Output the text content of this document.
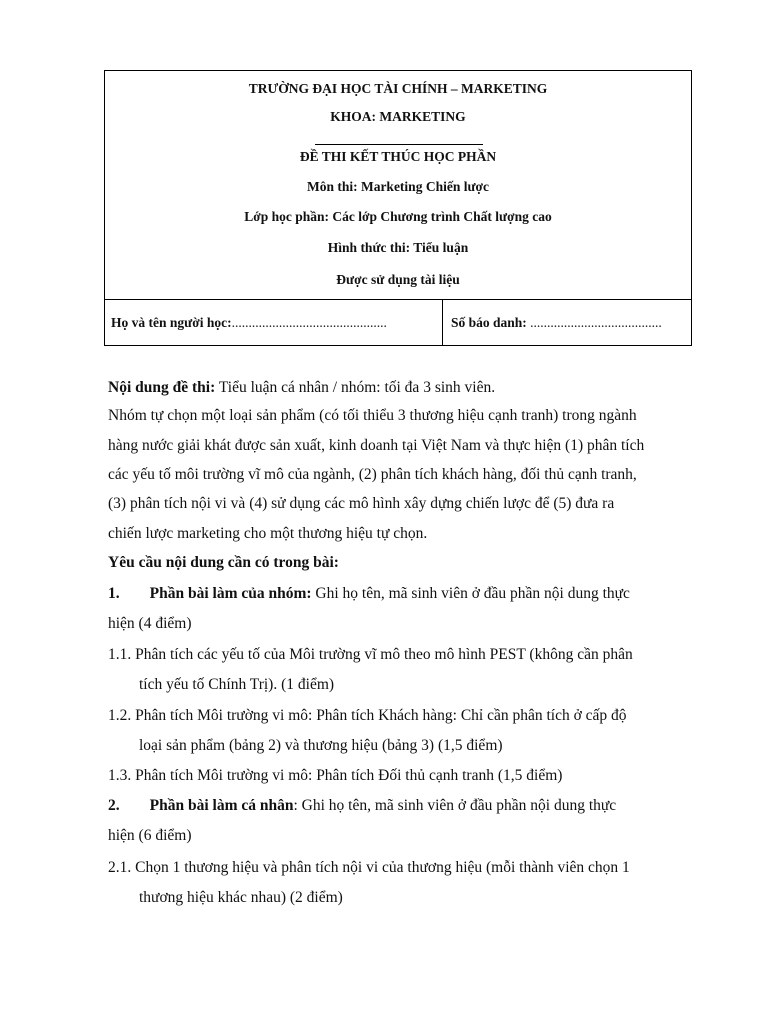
TRƯỜNG ĐẠI HỌC TÀI CHÍNH – MARKETING
KHOA: MARKETING
ĐỀ THI KẾT THÚC HỌC PHẦN
Môn thi: Marketing Chiến lược
Lớp học phần: Các lớp Chương trình Chất lượng cao
Hình thức thi: Tiểu luận
Được sử dụng tài liệu
Họ và tên người học:..............................................	Số báo danh: .......................................
Nội dung đề thi: Tiểu luận cá nhân / nhóm: tối đa 3 sinh viên.
Nhóm tự chọn một loại sản phẩm (có tối thiểu 3 thương hiệu cạnh tranh) trong ngành
hàng nước giải khát được sản xuất, kinh doanh tại Việt Nam và thực hiện (1) phân tích
các yếu tố môi trường vĩ mô của ngành, (2) phân tích khách hàng, đối thủ cạnh tranh,
(3) phân tích nội vi và (4) sử dụng các mô hình xây dựng chiến lược để (5) đưa ra
chiến lược marketing cho một thương hiệu tự chọn.
Yêu cầu nội dung cần có trong bài:
1. Phần bài làm của nhóm: Ghi họ tên, mã sinh viên ở đầu phần nội dung thực
hiện (4 điểm)
1.1. Phân tích các yếu tố của Môi trường vĩ mô theo mô hình PEST (không cần phân
tích yếu tố Chính Trị). (1 điểm)
1.2. Phân tích Môi trường vi mô: Phân tích Khách hàng: Chỉ cần phân tích ở cấp độ
loại sản phẩm (bảng 2) và thương hiệu (bảng 3) (1,5 điểm)
1.3. Phân tích Môi trường vi mô: Phân tích Đối thủ cạnh tranh (1,5 điểm)
2. Phần bài làm cá nhân: Ghi họ tên, mã sinh viên ở đầu phần nội dung thực
hiện (6 điểm)
2.1. Chọn 1 thương hiệu và phân tích nội vi của thương hiệu (mỗi thành viên chọn 1
thương hiệu khác nhau) (2 điểm)
